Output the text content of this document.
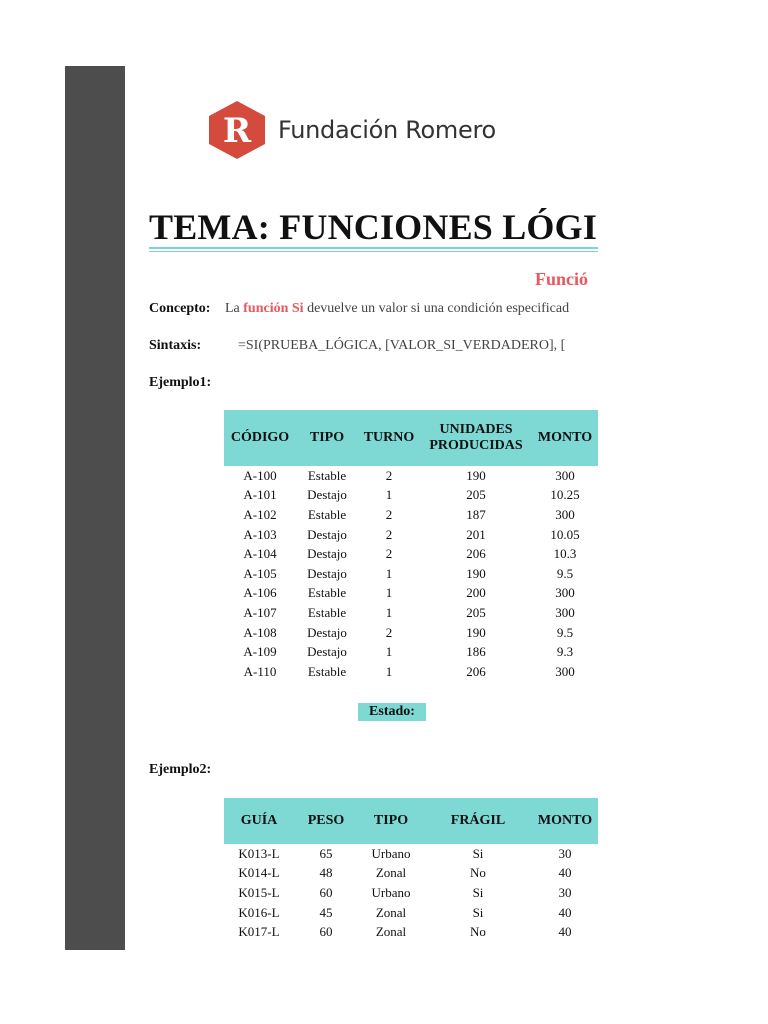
R Fundación Romero
TEMA: FUNCIONES LÓGI
Funció
Concepto: La función Si devuelve un valor si una condición especificad
Sintaxis:	=SI(PRUEBA_LÓGICA, [VALOR_SI_VERDADERO], [
Ejemplo1:
CÓDIGO	TIPO	TURNO	UNIDADES PRODUCIDAS	MONTO
A-100	Estable	2	190	300
A-101	Destajo	1	205	10.25
A-102	Estable	2	187	300
A-103	Destajo	2	201	10.05
A-104	Destajo	2	206	10.3
A-105	Destajo	1	190	9.5
A-106	Estable	1	200	300
A-107	Estable	1	205	300
A-108	Destajo	2	190	9.5
A-109	Destajo	1	186	9.3
A-110	Estable	1	206	300
Estado:
Ejemplo2:
GUÍA	PESO	TIPO	FRÁGIL	MONTO
K013-L	65	Urbano	Si	30
K014-L	48	Zonal	No	40
K015-L	60	Urbano	Si	30
K016-L	45	Zonal	Si	40
K017-L	60	Zonal	No	40
